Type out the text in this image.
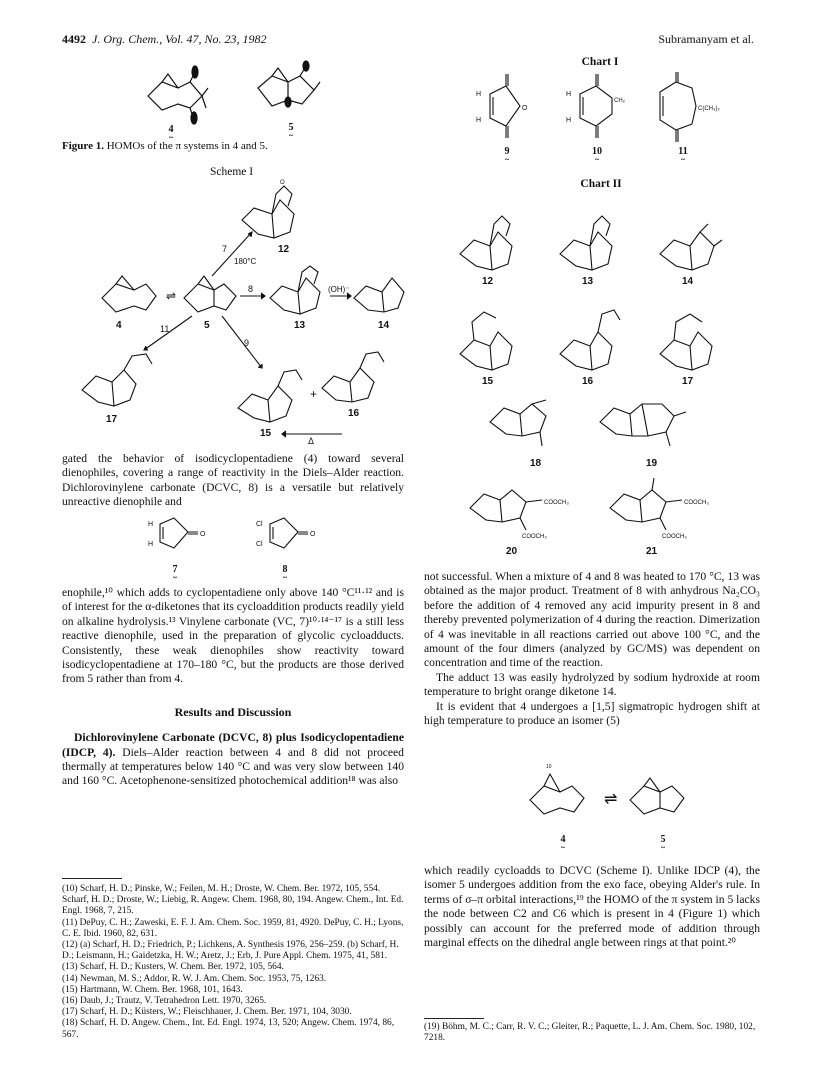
4492 J. Org. Chem., Vol. 47, No. 23, 1982	Subramanyam et al.
4
~
5
~
Figure 1. HOMOs of the π systems in 4 and 5.
Scheme I
O
⇌
+
7
180°C
8	(OH)⁻
11
9
Δ
4	5	13	14
12
17
15
16

gated the behavior of isodicyclopentadiene (4) toward several dienophiles, covering a range of reactivity in the Diels–Alder reaction. Dichlorovinylene carbonate (DCVC, 8) is a versatile but relatively unreactive dienophile and

H
H
O
Cl
Cl
O
7
~
8
~

enophile,¹⁰ which adds to cyclopentadiene only above 140 °C¹¹·¹² and is of interest for the α-diketones that its cycloaddition products readily yield on alkaline hydrolysis.¹³ Vinylene carbonate (VC, 7)¹⁰·¹⁴⁻¹⁷ is a still less reactive dienophile, used in the preparation of glycolic cycloadducts. Consistently, these weak dienophiles show reactivity toward isodicyclopentadiene at 170–180 °C, but the products are those derived from 5 rather than from 4.

Results and Discussion

Dichlorovinylene Carbonate (DCVC, 8) plus Isodicyclopentadiene (IDCP, 4). Diels–Alder reaction between 4 and 8 did not proceed thermally at temperatures below 140 °C and was very slow between 140 and 160 °C. Acetophenone-sensitized photochemical addition¹⁸ was also

(10) Scharf, H. D.; Pinske, W.; Feilen, M. H.; Droste, W. Chem. Ber. 1972, 105, 554. Scharf, H. D.; Droste, W.; Liebig, R. Angew. Chem. 1968, 80, 194. Angew. Chem., Int. Ed. Engl. 1968, 7, 215.

(11) DePuy, C. H.; Zaweski, E. F. J. Am. Chem. Soc. 1959, 81, 4920. DePuy, C. H.; Lyons, C. E. Ibid. 1960, 82, 631.

(12) (a) Scharf, H. D.; Friedrich, P.; Lichkens, A. Synthesis 1976, 256–259. (b) Scharf, H. D.; Leismann, H.; Gaidetzka, H. W.; Aretz, J.; Erb, J. Pure Appl. Chem. 1975, 41, 581.

(13) Scharf, H. D.; Kusters, W. Chem. Ber. 1972, 105, 564.

(14) Newman, M. S.; Addor, R. W. J. Am. Chem. Soc. 1953, 75, 1263.

(15) Hartmann, W. Chem. Ber. 1968, 101, 1643.

(16) Daub, J.; Trautz, V. Tetrahedron Lett. 1970, 3265.

(17) Scharf, H. D.; Küsters, W.; Fleischhauer, J. Chem. Ber. 1971, 104, 3030.

(18) Scharf, H. D. Angew. Chem., Int. Ed. Engl. 1974, 13, 520; Angew. Chem. 1974, 86, 567.

Chart I
H
H
O
H
H
CH₂
C(CH₃)₂
9
~
10
~
11
~
Chart II
COOCH₃
COOCH₃
COOCH₃
COOCH₃
12	13	14
15	16	17
18	19
20	21

not successful. When a mixture of 4 and 8 was heated to 170 °C, 13 was obtained as the major product. Treatment of 8 with anhydrous Na₂CO₃ before the addition of 4 removed any acid impurity present in 8 and thereby prevented polymerization of 4 during the reaction. Dimerization of 4 was inevitable in all reactions carried out above 100 °C, and the amount of the four dimers (analyzed by GC/MS) was dependent on concentration and time of the reaction.

The adduct 13 was easily hydrolyzed by sodium hydroxide at room temperature to bright orange diketone 14.

It is evident that 4 undergoes a [1,5] sigmatropic hydrogen shift at high temperature to produce an isomer (5)

10
⇌
4
~
5
~

which readily cycloadds to DCVC (Scheme I). Unlike IDCP (4), the isomer 5 undergoes addition from the exo face, obeying Alder's rule. In terms of σ–π orbital interactions,¹⁹ the HOMO of the π system in 5 lacks the node between C2 and C6 which is present in 4 (Figure 1) which possibly can account for the preferred mode of addition through marginal effects on the dihedral angle between rings at that point.²⁰

(19) Böhm, M. C.; Carr, R. V. C.; Gleiter, R.; Paquette, L. J. Am. Chem. Soc. 1980, 102, 7218.
